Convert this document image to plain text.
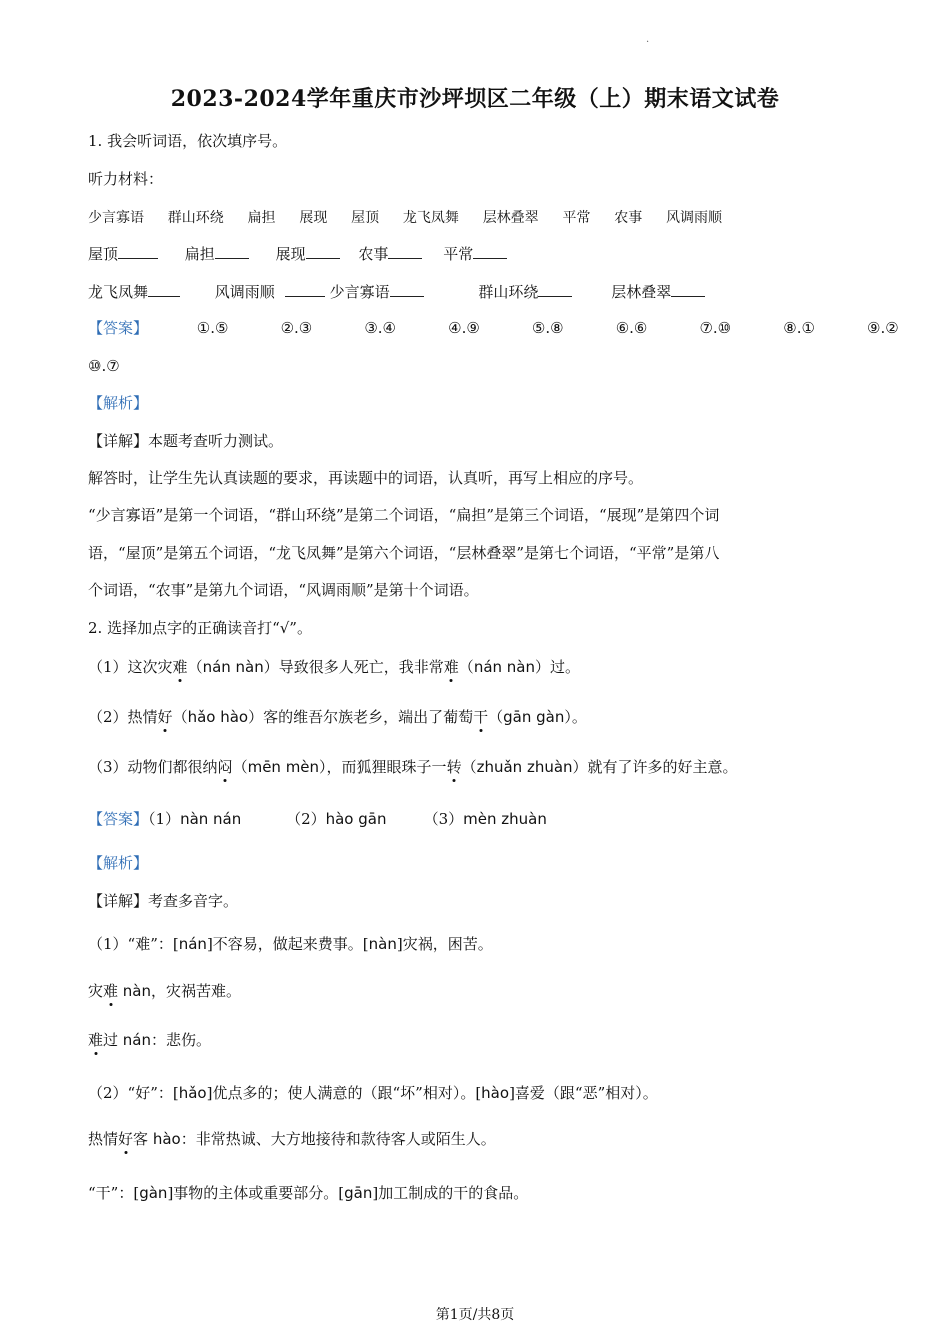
.
2023-2024学年重庆市沙坪坝区二年级（上）期末语文试卷
1. 我会听词语，依次填序号。
听力材料：
少言寡语 群山环绕 扁担 展现 屋顶 龙飞凤舞 层林叠翠 平常 农事 风调雨顺
屋顶	扁担	展现	农事	平常
龙飞凤舞	风调雨顺	少言寡语	群山环绕	层林叠翠
【答案】	①.⑤	②.③	③.④	④.⑨	⑤.⑧	⑥.⑥	⑦.⑩	⑧.①	⑨.②
⑩.⑦
【解析】
【详解】本题考查听力测试。
解答时，让学生先认真读题的要求，再读题中的词语，认真听，再写上相应的序号。
“少言寡语”是第一个词语，“群山环绕”是第二个词语，“扁担”是第三个词语，“展现”是第四个词
语，“屋顶”是第五个词语，“龙飞凤舞”是第六个词语，“层林叠翠”是第七个词语，“平常”是第八
个词语，“农事”是第九个词语，“风调雨顺”是第十个词语。
2. 选择加点字的正确读音打“√”。
（1）这次灾难（nán nàn）导致很多人死亡，我非常难（nán nàn）过。
（2）热情好（hǎo hào）客的维吾尔族老乡，端出了葡萄干（gān gàn）。
（3）动物们都很纳闷（mēn mèn），而狐狸眼珠子一转（zhuǎn zhuàn）就有了许多的好主意。
【答案】（1）nàn nán	（2）hào gān （3）mèn zhuàn
【解析】
【详解】考查多音字。
（1）“难”：[nán]不容易，做起来费事。[nàn]灾祸，困苦。
灾难 nàn，灾祸苦难。
难过 nán：悲伤。
（2）“好”：[hǎo]优点多的；使人满意的（跟“坏”相对）。[hào]喜爱（跟“恶”相对）。
热情好客 hào：非常热诚、大方地接待和款待客人或陌生人。
“干”：[gàn]事物的主体或重要部分。[gān]加工制成的干的食品。
第1页/共8页
